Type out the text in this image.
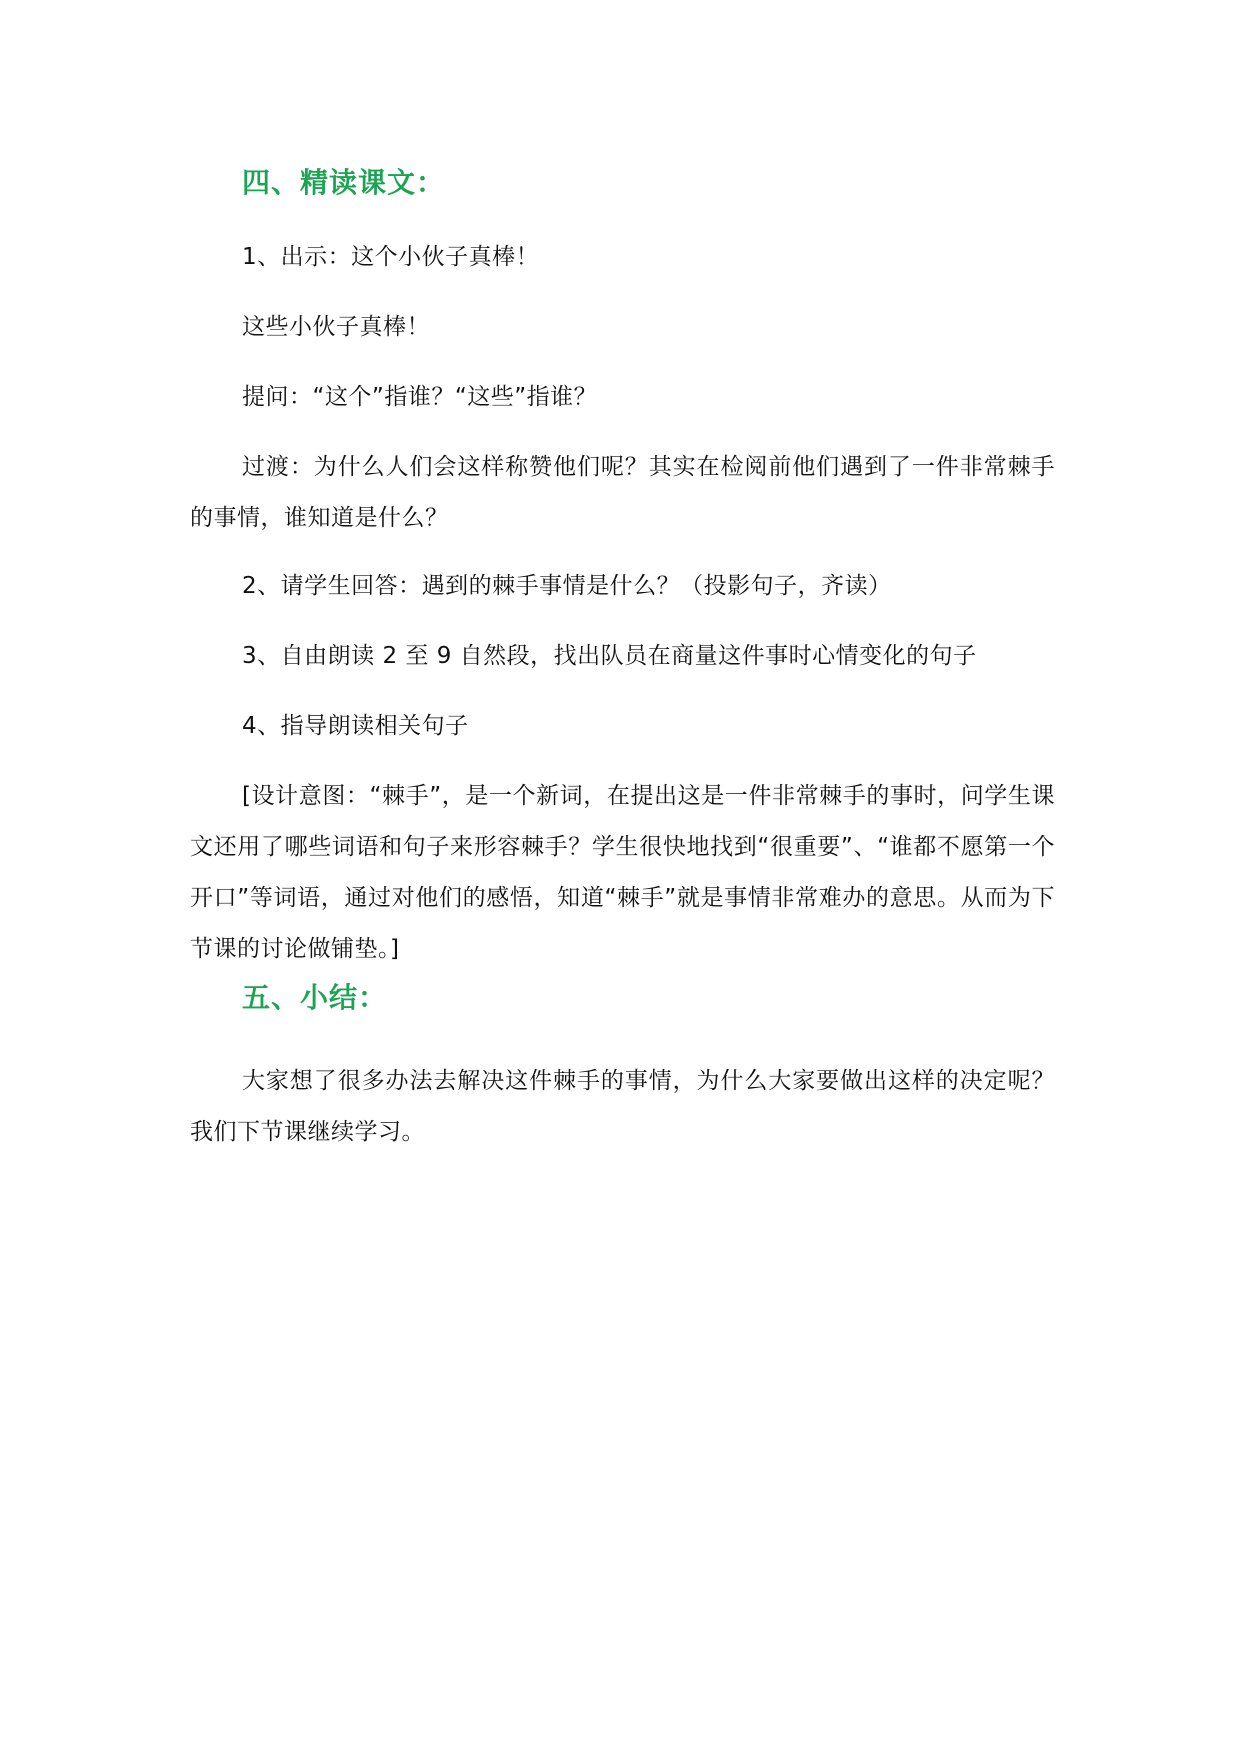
四、精读课文：
1、出示：这个小伙子真棒！
这些小伙子真棒！
提问：“这个”指谁？“这些”指谁？
过渡：为什么人们会这样称赞他们呢？其实在检阅前他们遇到了一件非常棘手的事情，谁知道是什么？
2、请学生回答：遇到的棘手事情是什么？（投影句子，齐读）
3、自由朗读 2 至 9 自然段，找出队员在商量这件事时心情变化的句子
4、指导朗读相关句子
[设计意图：“棘手”，是一个新词，在提出这是一件非常棘手的事时，问学生课文还用了哪些词语和句子来形容棘手？学生很快地找到“很重要”、“谁都不愿第一个开口”等词语，通过对他们的感悟，知道“棘手”就是事情非常难办的意思。从而为下节课的讨论做铺垫。]
五、小结：
大家想了很多办法去解决这件棘手的事情，为什么大家要做出这样的决定呢？我们下节课继续学习。
